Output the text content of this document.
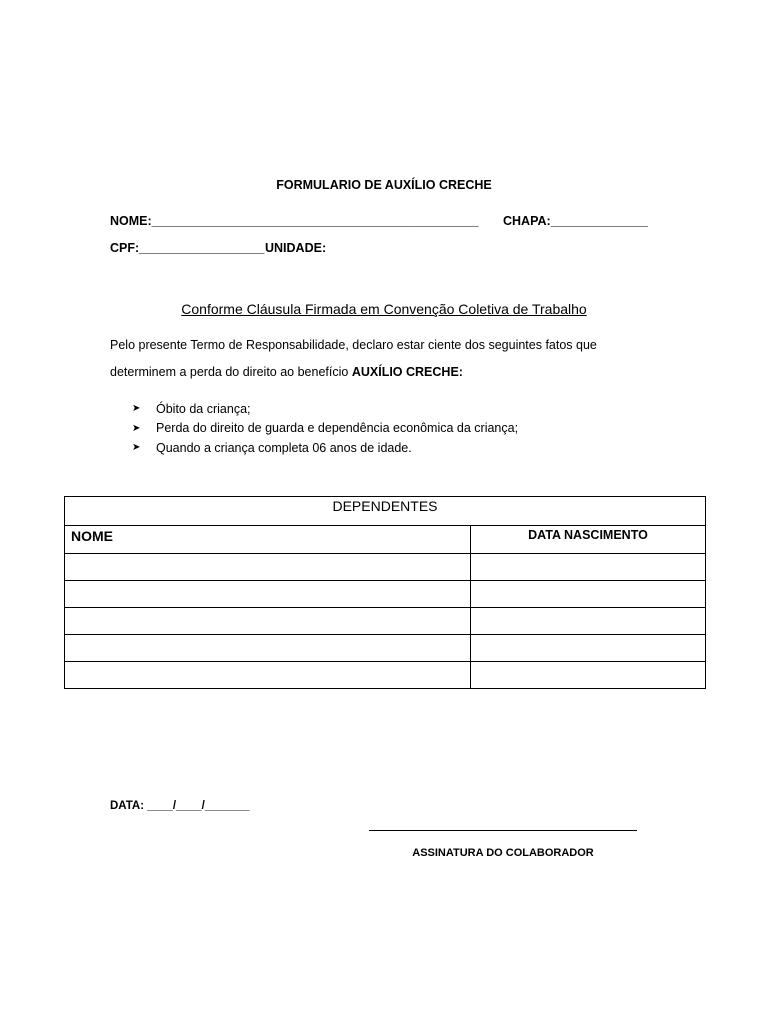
FORMULARIO DE AUXÍLIO CRECHE
NOME:_______________________________________________ CHAPA:______________
CPF:__________________ UNIDADE:
Conforme Cláusula Firmada em Convenção Coletiva de Trabalho
Pelo presente Termo de Responsabilidade, declaro estar ciente dos seguintes fatos que
determinem a perda do direito ao benefício AUXÍLIO CRECHE:
➤	Óbito da criança;
➤	Perda do direito de guarda e dependência econômica da criança;
➤	Quando a criança completa 06 anos de idade.
DEPENDENTES	

NOME	DATA NASCIMENTO

DATA: ____/____/_______
ASSINATURA DO COLABORADOR
